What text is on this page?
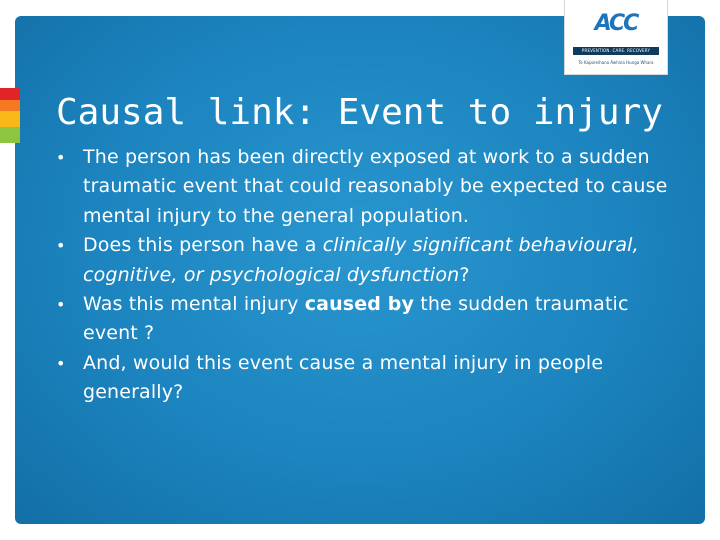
ACC
PREVENTION. CARE. RECOVERY
Te Kaporeihana Āwhina Hunga Whara
Causal link: Event to injury
• The person has been directly exposed at work to a sudden traumatic event that could reasonably be expected to cause mental injury to the general population.
• Does this person have a clinically significant behavioural, cognitive, or psychological dysfunction?
• Was this mental injury caused by the sudden traumatic event ?
• And, would this event cause a mental injury in people generally?
